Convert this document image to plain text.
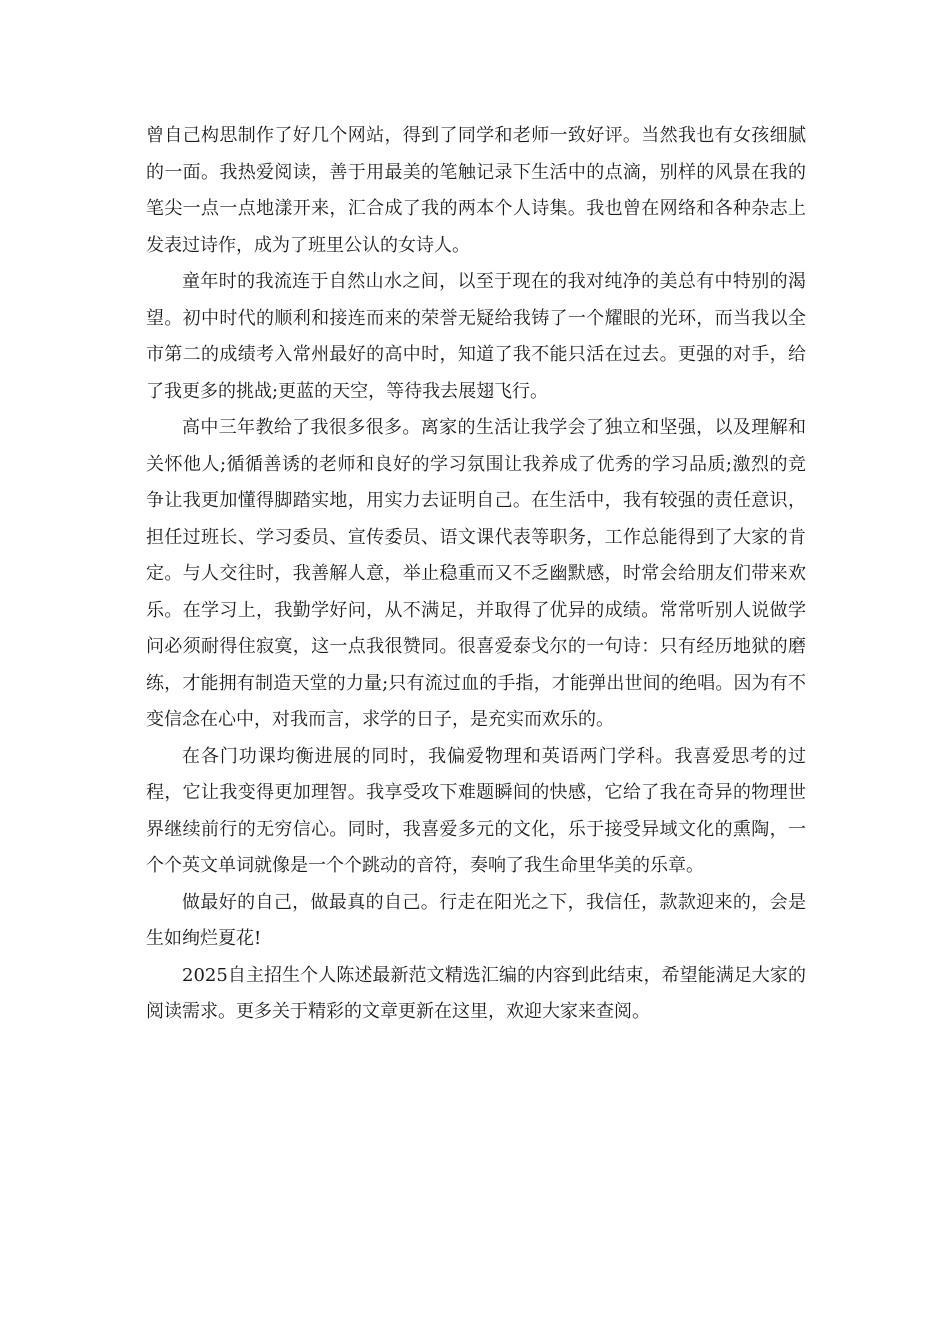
曾自己构思制作了好几个网站，得到了同学和老师一致好评。当然我也有女孩细腻的一面。我热爱阅读，善于用最美的笔触记录下生活中的点滴，别样的风景在我的笔尖一点一点地漾开来，汇合成了我的两本个人诗集。我也曾在网络和各种杂志上发表过诗作，成为了班里公认的女诗人。

童年时的我流连于自然山水之间，以至于现在的我对纯净的美总有中特别的渴望。初中时代的顺利和接连而来的荣誉无疑给我铸了一个耀眼的光环，而当我以全市第二的成绩考入常州最好的高中时，知道了我不能只活在过去。更强的对手，给了我更多的挑战;更蓝的天空，等待我去展翅飞行。

高中三年教给了我很多很多。离家的生活让我学会了独立和坚强，以及理解和关怀他人;循循善诱的老师和良好的学习氛围让我养成了优秀的学习品质;激烈的竞争让我更加懂得脚踏实地，用实力去证明自己。在生活中，我有较强的责任意识，担任过班长、学习委员、宣传委员、语文课代表等职务，工作总能得到了大家的肯定。与人交往时，我善解人意，举止稳重而又不乏幽默感，时常会给朋友们带来欢乐。在学习上，我勤学好问，从不满足，并取得了优异的成绩。常常听别人说做学问必须耐得住寂寞，这一点我很赞同。很喜爱泰戈尔的一句诗：只有经历地狱的磨练，才能拥有制造天堂的力量;只有流过血的手指，才能弹出世间的绝唱。因为有不变信念在心中，对我而言，求学的日子，是充实而欢乐的。

在各门功课均衡进展的同时，我偏爱物理和英语两门学科。我喜爱思考的过程，它让我变得更加理智。我享受攻下难题瞬间的快感，它给了我在奇异的物理世界继续前行的无穷信心。同时，我喜爱多元的文化，乐于接受异域文化的熏陶，一个个英文单词就像是一个个跳动的音符，奏响了我生命里华美的乐章。

做最好的自己，做最真的自己。行走在阳光之下，我信任，款款迎来的，会是生如绚烂夏花!

2025自主招生个人陈述最新范文精选汇编的内容到此结束，希望能满足大家的阅读需求。更多关于精彩的文章更新在这里，欢迎大家来查阅。
